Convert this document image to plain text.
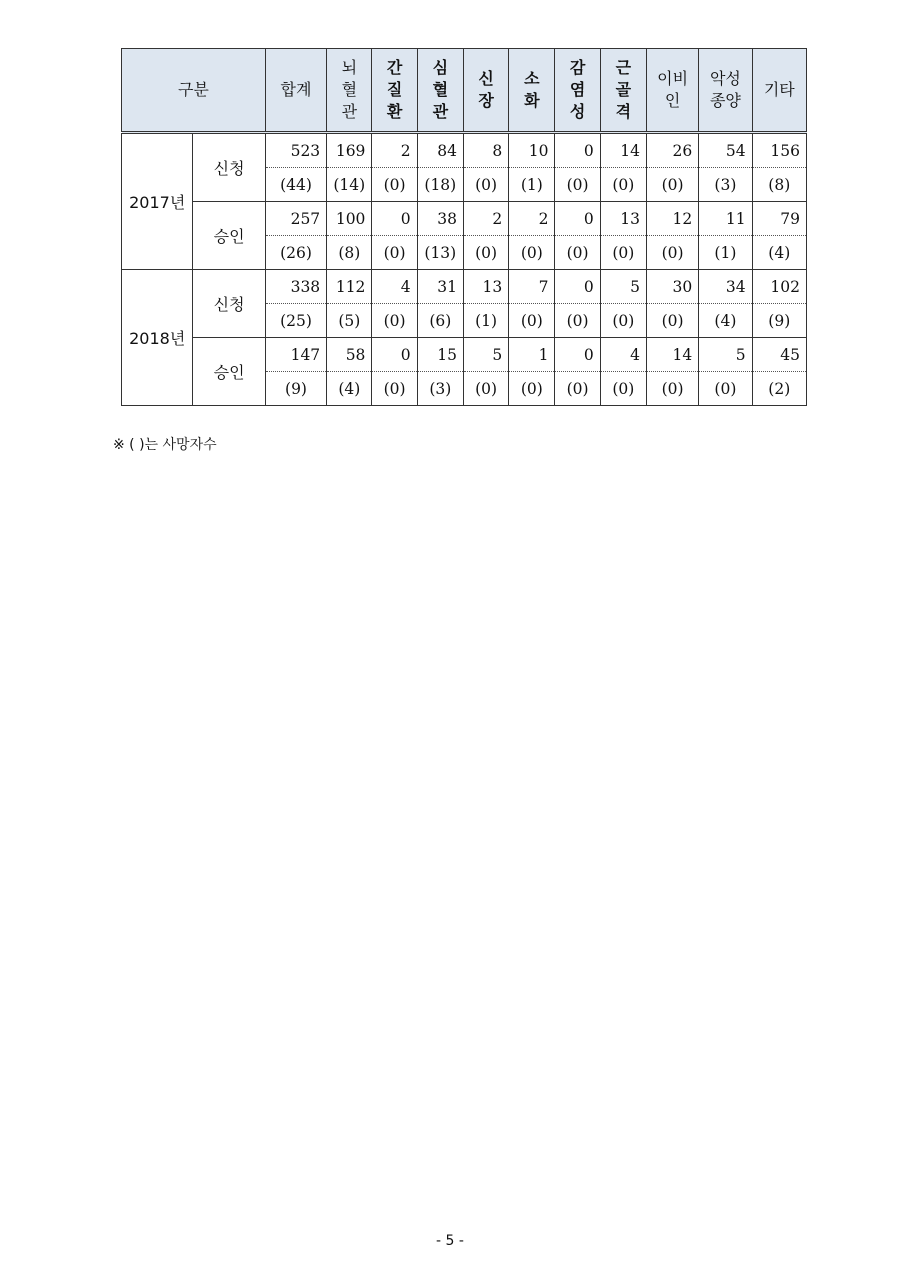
구분		합계	뇌
혈
관	간
질
환	심
혈
관	신
장	소
화	감
염
성	근
골
격	이비
인	악성
종양	기타

2017년	신청	523	169	2	84	8	10	0	14	26	54	156
		(44)	(14)	(0)	(18)	(0)	(1)	(0)	(0)	(0)	(3)	(8)
	승인	257	100	0	38	2	2	0	13	12	11	79
		(26)	(8)	(0)	(13)	(0)	(0)	(0)	(0)	(0)	(1)	(4)
2018년	신청	338	112	4	31	13	7	0	5	30	34	102
		(25)	(5)	(0)	(6)	(1)	(0)	(0)	(0)	(0)	(4)	(9)
	승인	147	58	0	15	5	1	0	4	14	5	45
		(9)	(4)	(0)	(3)	(0)	(0)	(0)	(0)	(0)	(0)	(2)
※ ( )는 사망자수
- 5 -
